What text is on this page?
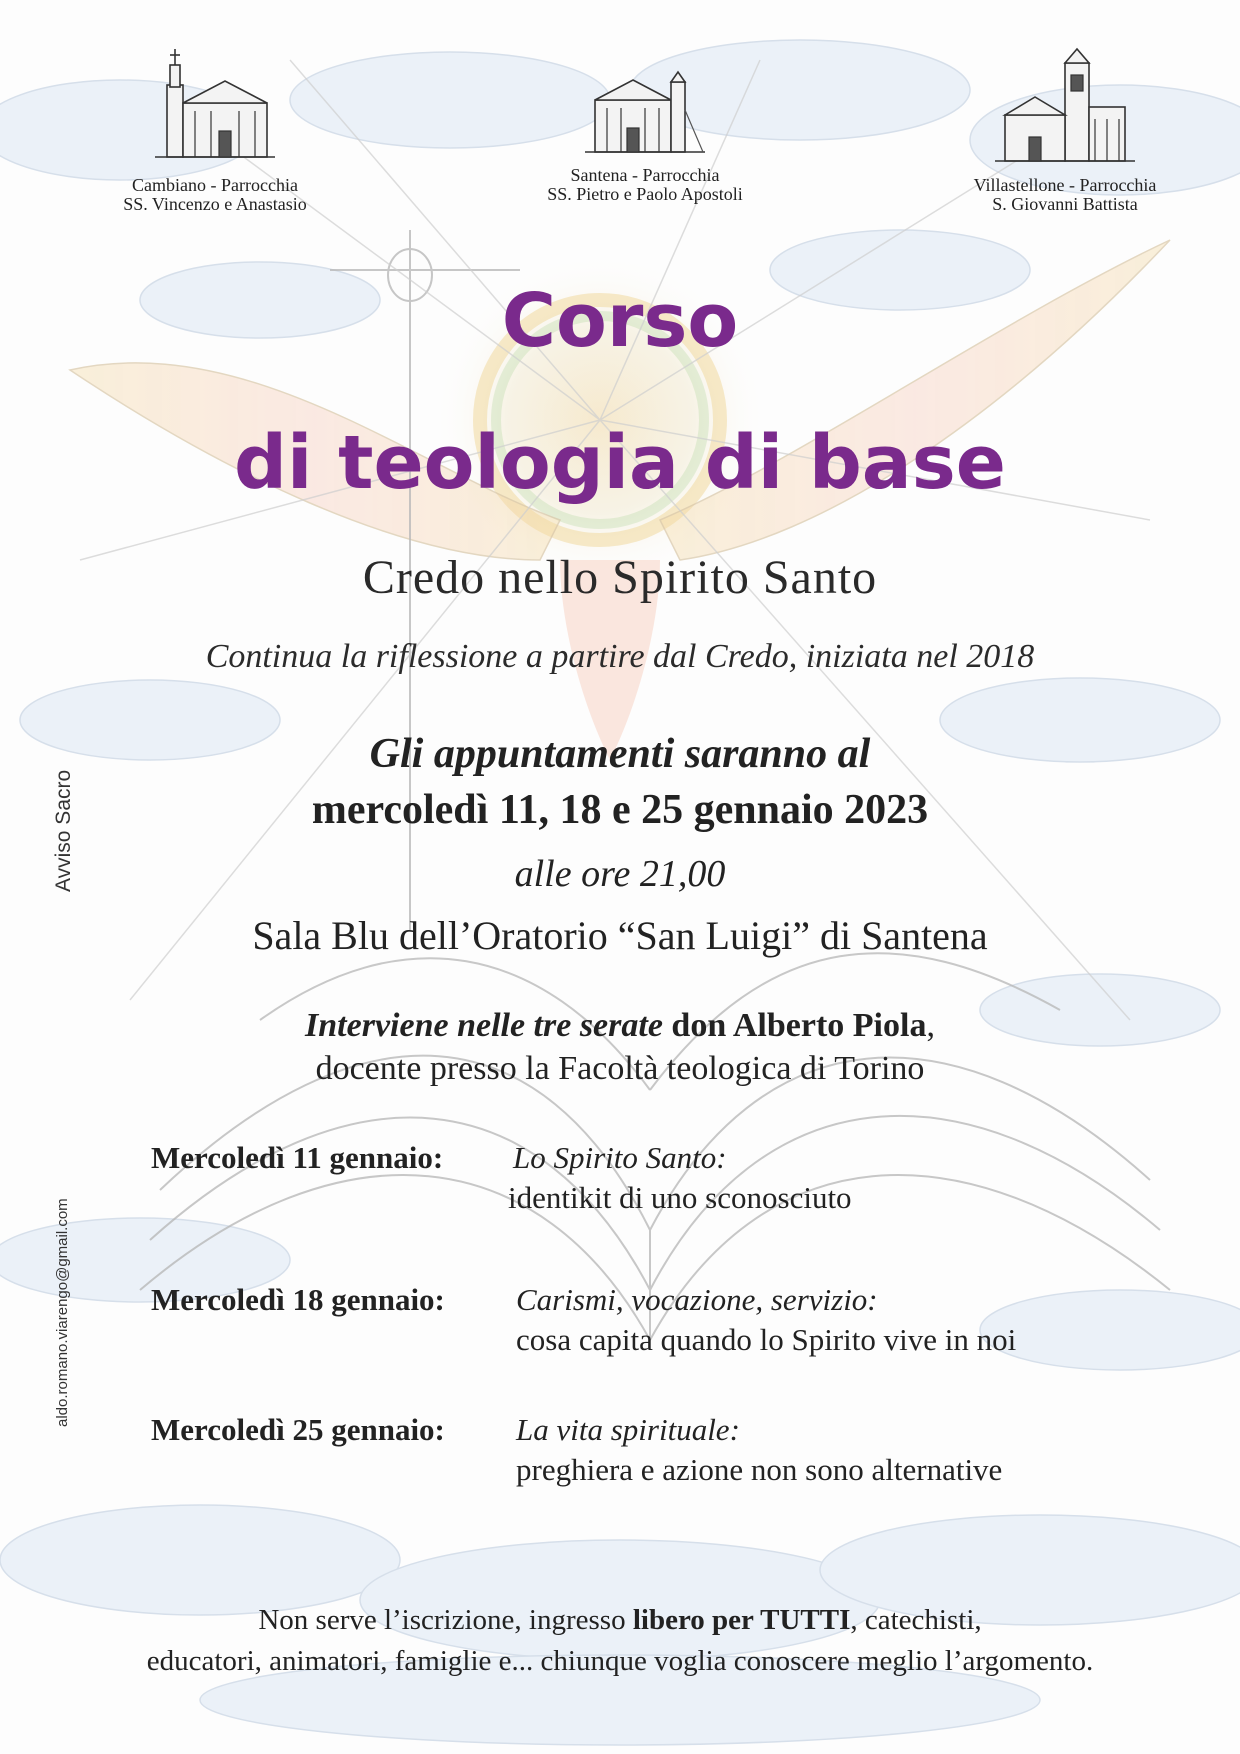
Cambiano - Parrocchia
SS. Vincenzo e Anastasio
Santena - Parrocchia
SS. Pietro e Paolo Apostoli	Villastellone - Parrocchia
S. Giovanni Battista
Corso
di teologia di base
Credo nello Spirito Santo
Continua la riflessione a partire dal Credo, iniziata nel 2018
Gli appuntamenti saranno al
mercoledì 11, 18 e 25 gennaio 2023
alle ore 21,00
Sala Blu dell’Oratorio “San Luigi” di Santena
Interviene nelle tre serate don Alberto Piola,
docente presso la Facoltà teologica di Torino
Mercoledì 11 gennaio: Lo Spirito Santo:
identikit di uno sconosciuto
Mercoledì 18 gennaio: Carismi, vocazione, servizio:
cosa capita quando lo Spirito vive in noi
Mercoledì 25 gennaio: La vita spirituale:
preghiera e azione non sono alternative
Non serve l’iscrizione, ingresso libero per TUTTI, catechisti,
educatori, animatori, famiglie e... chiunque voglia conoscere meglio l’argomento.
Avviso Sacro
aldo.romano.viarengo@gmail.com
